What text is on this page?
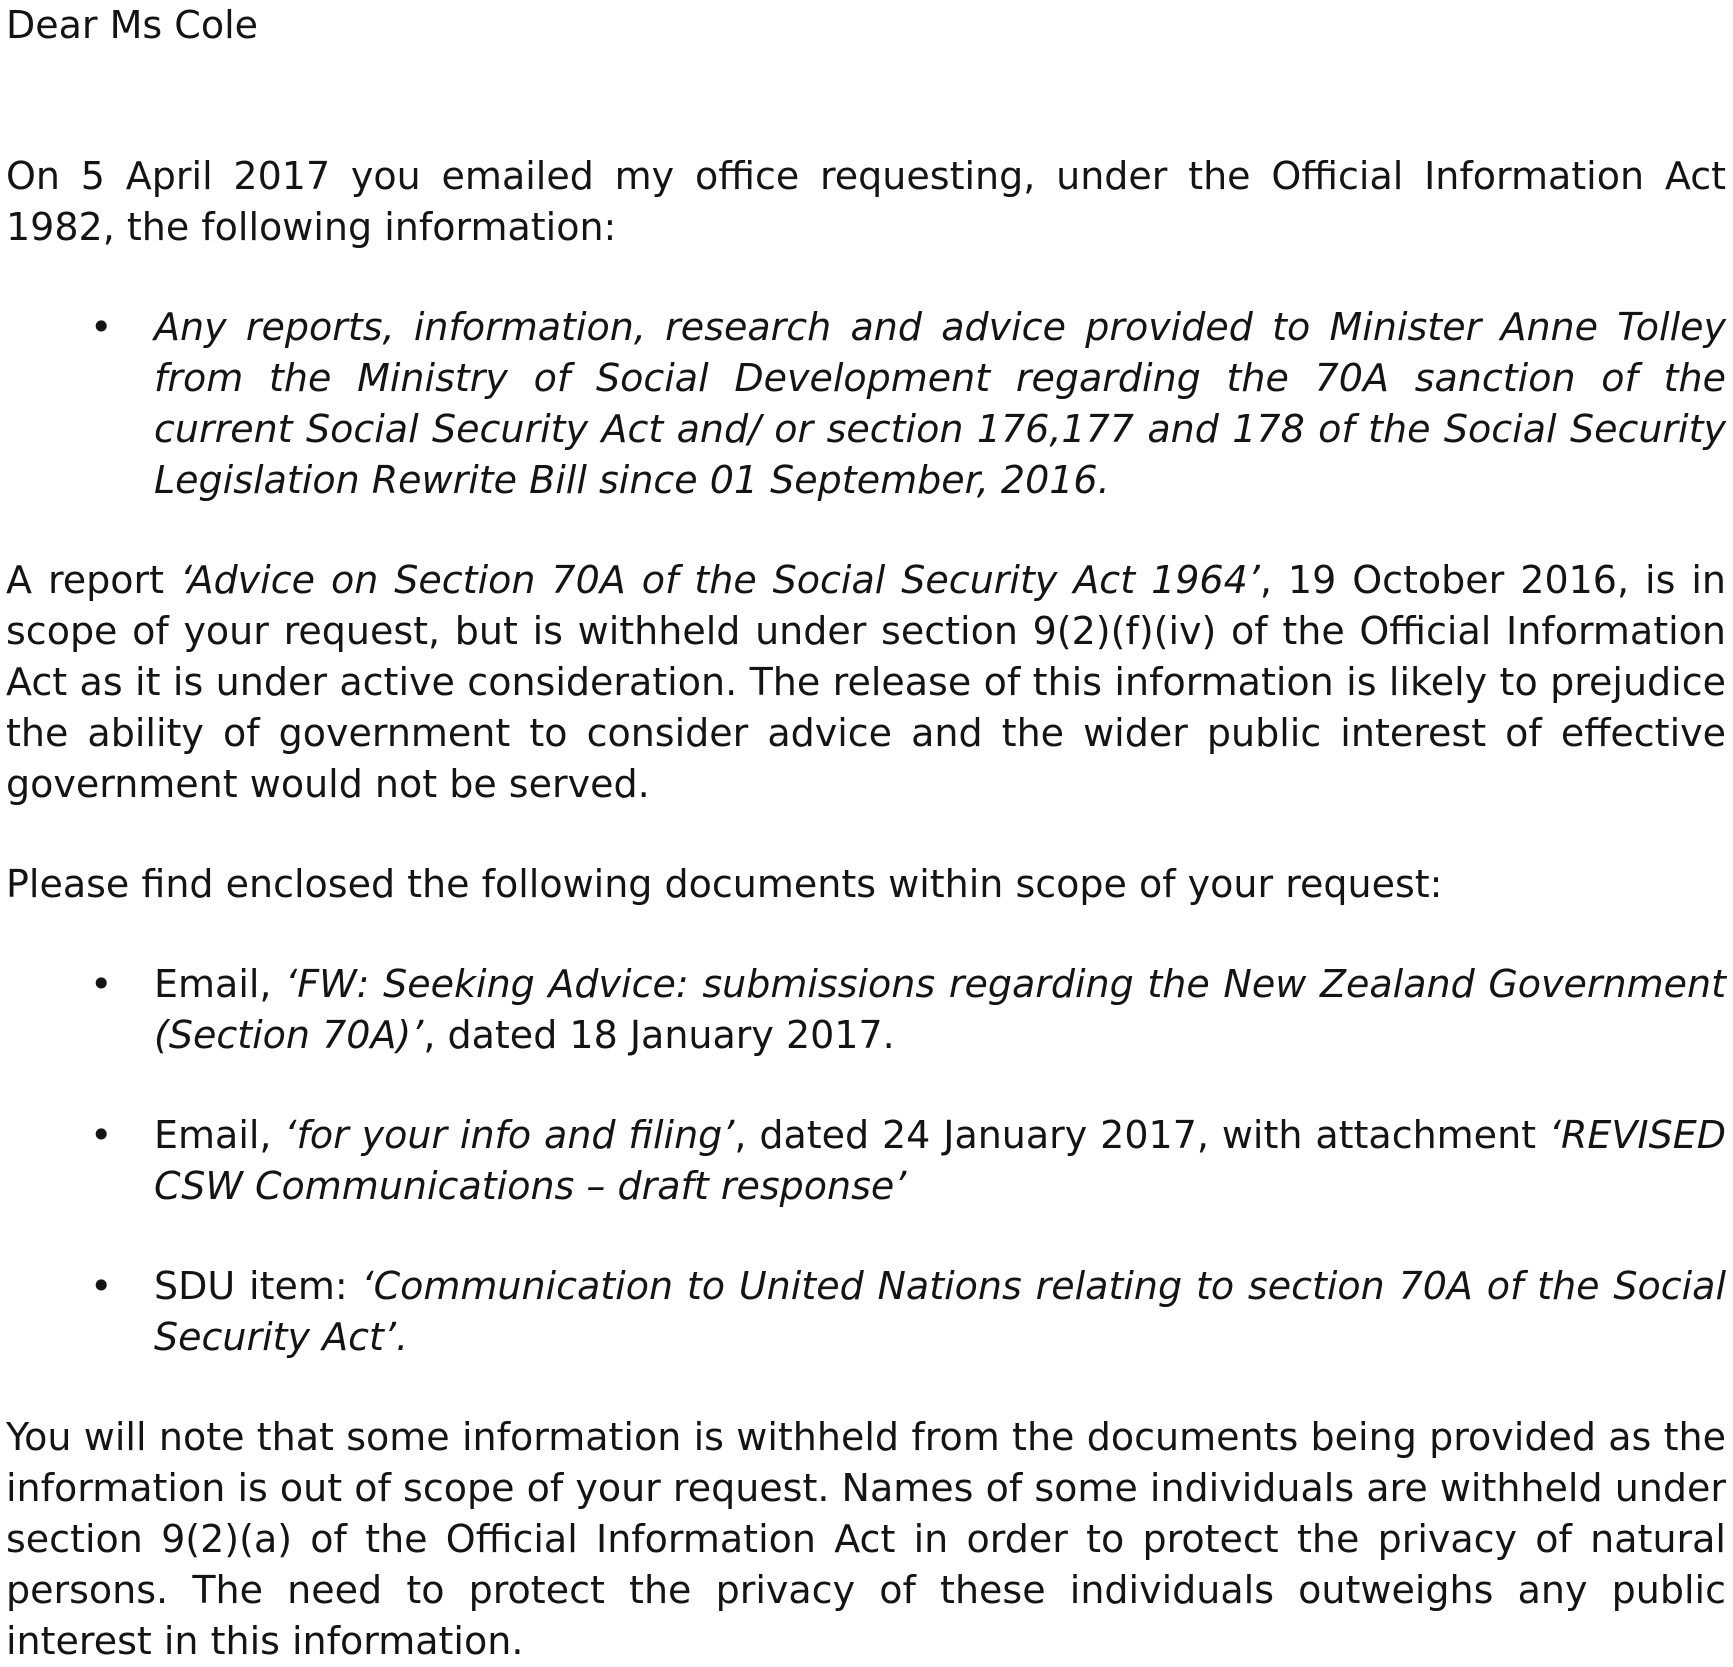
Dear Ms Cole

On 5 April 2017 you emailed my office requesting, under the Official Information Act 1982, the following information:

• Any reports, information, research and advice provided to Minister Anne Tolley from the Ministry of Social Development regarding the 70A sanction of the current Social Security Act and/ or section 176,177 and 178 of the Social Security Legislation Rewrite Bill since 01 September, 2016.

A report ‘Advice on Section 70A of the Social Security Act 1964’, 19 October 2016, is in scope of your request, but is withheld under section 9(2)(f)(iv) of the Official Information Act as it is under active consideration. The release of this information is likely to prejudice the ability of government to consider advice and the wider public interest of effective government would not be served.

Please find enclosed the following documents within scope of your request:

• Email, ‘FW: Seeking Advice: submissions regarding the New Zealand Government (Section 70A)’, dated 18 January 2017.
• Email, ‘for your info and filing’, dated 24 January 2017, with attachment ‘REVISED CSW Communications – draft response’
• SDU item: ‘Communication to United Nations relating to section 70A of the Social Security Act’.

You will note that some information is withheld from the documents being provided as the information is out of scope of your request. Names of some individuals are withheld under section 9(2)(a) of the Official Information Act in order to protect the privacy of natural persons. The need to protect the privacy of these individuals outweighs any public interest in this information.
